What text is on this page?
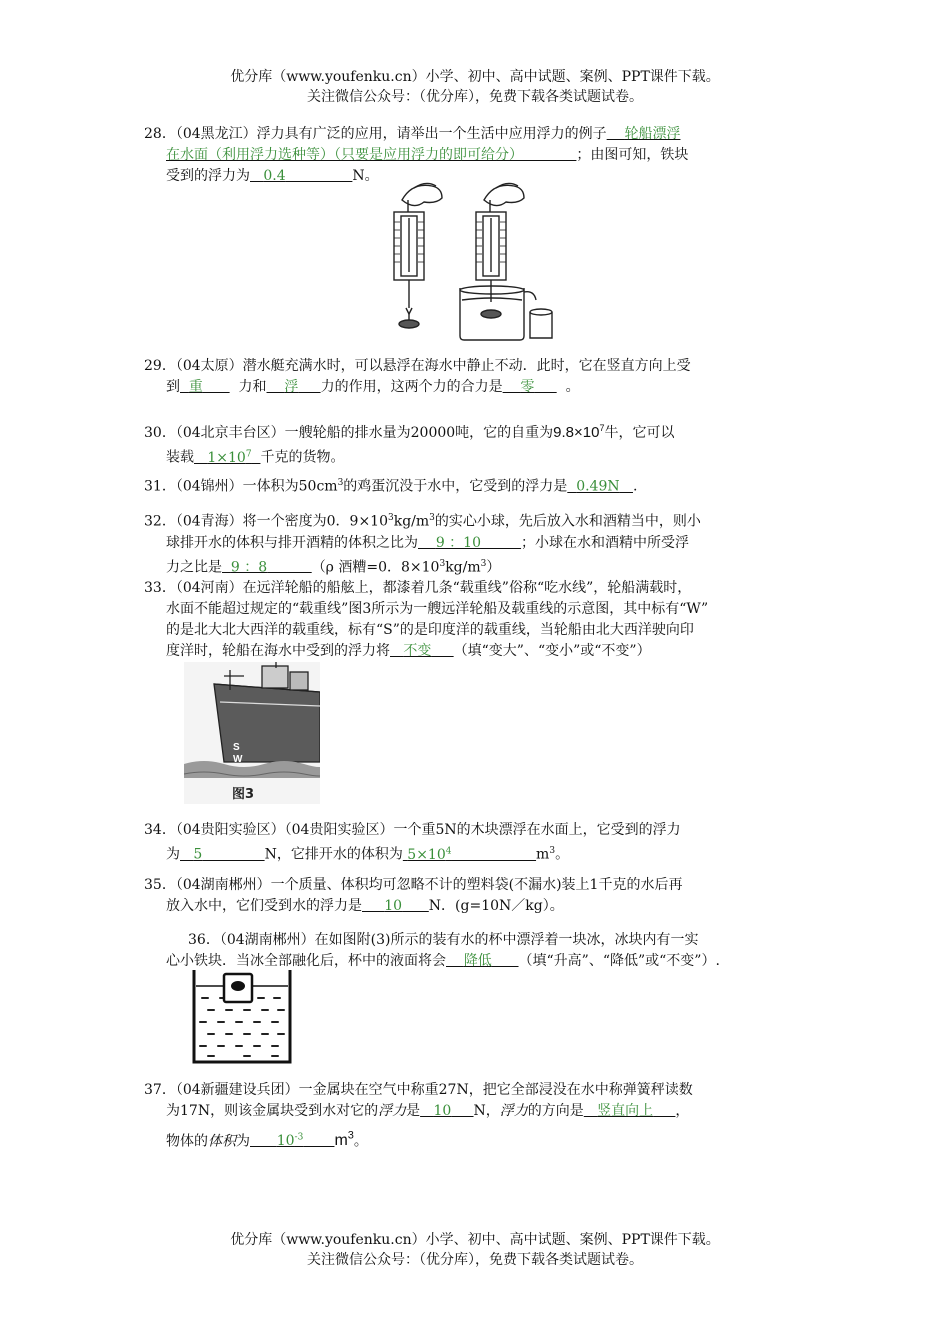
优分库（www.youfenku.cn）小学、初中、高中试题、案例、PPT课件下载。
关注微信公众号：（优分库），免费下载各类试题试卷。
28．（04黑龙江）浮力具有广泛的应用，请举出一个生活中应用浮力的例子 轮船漂浮
在水面（利用浮力选种等）（只要是应用浮力的即可给分）	；由图可知，铁块
受到的浮力为 0.4	N。
29．（04太原）潜水艇充满水时，可以悬浮在海水中静止不动．此时，它在竖直方向上受
到 重	力和 浮 力的作用，这两个力的合力是 零 。
30．（04北京丰台区）一艘轮船的排水量为20000吨，它的自重为$9.8\times 10^7$牛，它可以
装载 $1\times 10^7$ 千克的货物。
31．（04锦州）一体积为$50cm^3$的鸡蛋沉没于水中，它受到的浮力是 0.49N .
32．（04青海）将一个密度为0．$9\times 10^3kg/m^3$的实心小球，先后放入水和酒精当中，则小
球排开水的体积与排开酒精的体积之比为 9 ：10	；小球在水和酒精中所受浮
力之比是 9 ：8	（ρ 酒糟=0．$8\times 10^3kg/m^3$）
33．（04河南）在远洋轮船的船舷上，都漆着几条“载重线”俗称“吃水线”，轮船满载时，
水面不能超过规定的“载重线”图3所示为一艘远洋轮船及载重线的示意图，其中标有“W”
的是北大北大西洋的载重线，标有“S”的是印度洋的载重线，当轮船由北大西洋驶向印
度洋时，轮船在海水中受到的浮力将 不变 （填“变大”、“变小”或“不变”）
S
W
图3
34．（04贵阳实验区）（04贵阳实验区）一个重5N的木块漂浮在水面上，它受到的浮力
为 5	N，它排开水的体积为 $5\times 10^4$	$m^3$。
35．（04湖南郴州）一个质量、体积均可忽略不计的塑料袋(不漏水)装上1千克的水后再
放入水中，它们受到水的浮力是 10 N．(g=10N／kg）。
36．（04湖南郴州）在如图附(3)所示的装有水的杯中漂浮着一块冰，冰块内有一实
心小铁块．当冰全部融化后，杯中的液面将会 降低 （填“升高”、“降低”或“不变”）.
37．（04新疆建设兵团）一金属块在空气中称重27N，把它全部浸没在水中称弹簧秤读数
为17N，则该金属块受到水对它的浮力是 10 N，浮力的方向是 竖直向上 ，
物体的体积为 $10^{-3}$ $m^3$。
优分库（www.youfenku.cn）小学、初中、高中试题、案例、PPT课件下载。
关注微信公众号：（优分库），免费下载各类试题试卷。
